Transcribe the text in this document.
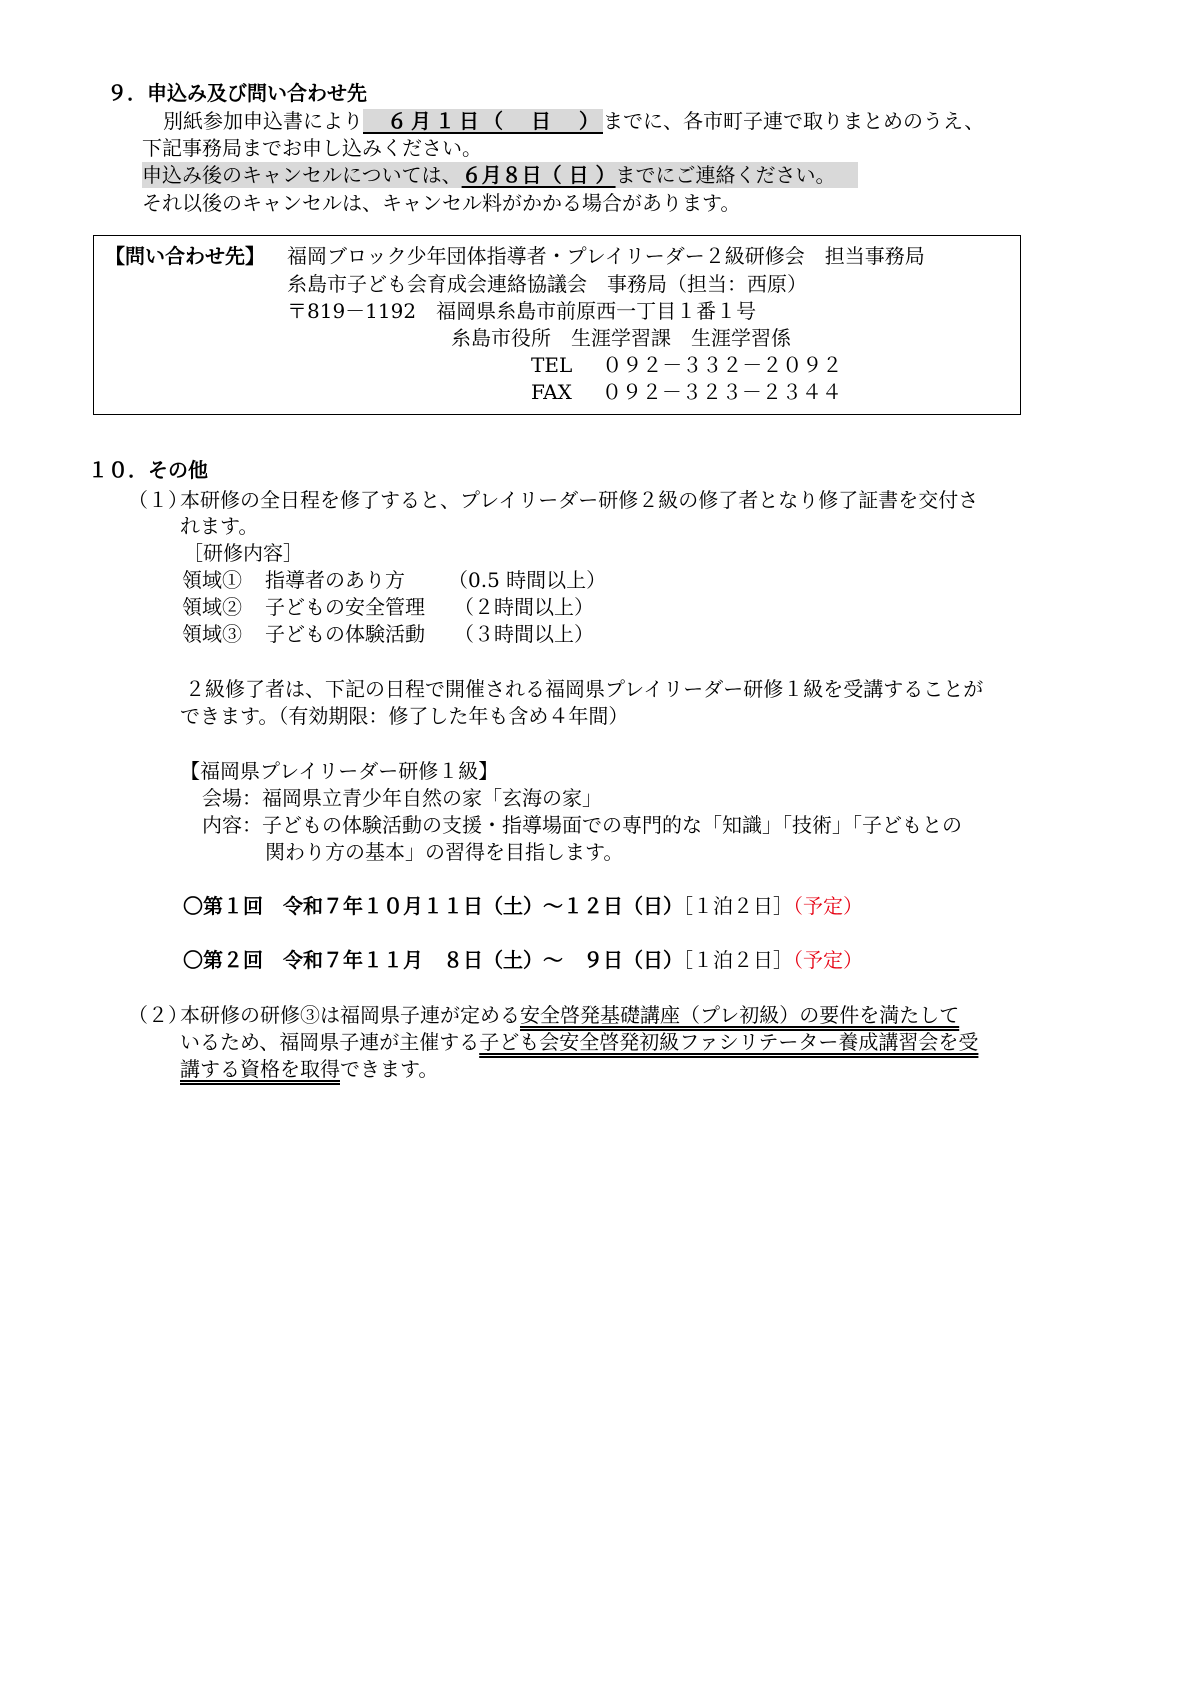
９．申込み及び問い合わせ先
別紙参加申込書により　６月１日（　日　）までに、各市町子連で取りまとめのうえ、
下記事務局までお申し込みください。
申込み後のキャンセルについては、６月８日（ 日 ）までにご連絡ください。
それ以後のキャンセルは、キャンセル料がかかる場合があります。
【問い合わせ先】 福岡ブロック少年団体指導者・プレイリーダー２級研修会　担当事務局
糸島市子ども会育成会連絡協議会　事務局（担当：西原）
〒819－1192　福岡県糸島市前原西一丁目１番１号
糸島市役所　生涯学習課　生涯学習係
TEL ０９２－３３２－２０９２
FAX ０９２－３２３－２３４４
１０．その他
（１）
本研修の全日程を修了すると、プレイリーダー研修２級の修了者となり修了証書を交付さ
れます。
［研修内容］
領域① 指導者のあり方 （0.5 時間以上）
領域② 子どもの安全管理 （２時間以上）
領域③ 子どもの体験活動 （３時間以上）
２級修了者は、下記の日程で開催される福岡県プレイリーダー研修１級を受講することが
できます。（有効期限：修了した年も含め４年間）
【福岡県プレイリーダー研修１級】
会場：福岡県立青少年自然の家「玄海の家」
内容：子どもの体験活動の支援・指導場面での専門的な「知識」「技術」「子どもとの
関わり方の基本」の習得を目指します。
〇第１回　令和７年１０月１１日（土）～１２日（日）［１泊２日］（予定）
〇第２回　令和７年１１月　８日（土）～　９日（日）［１泊２日］（予定）
（２）
本研修の研修③は福岡県子連が定める安全啓発基礎講座（プレ初級）の要件を満たして
いるため、福岡県子連が主催する子ども会安全啓発初級ファシリテーター養成講習会を受
講する資格を取得できます。
